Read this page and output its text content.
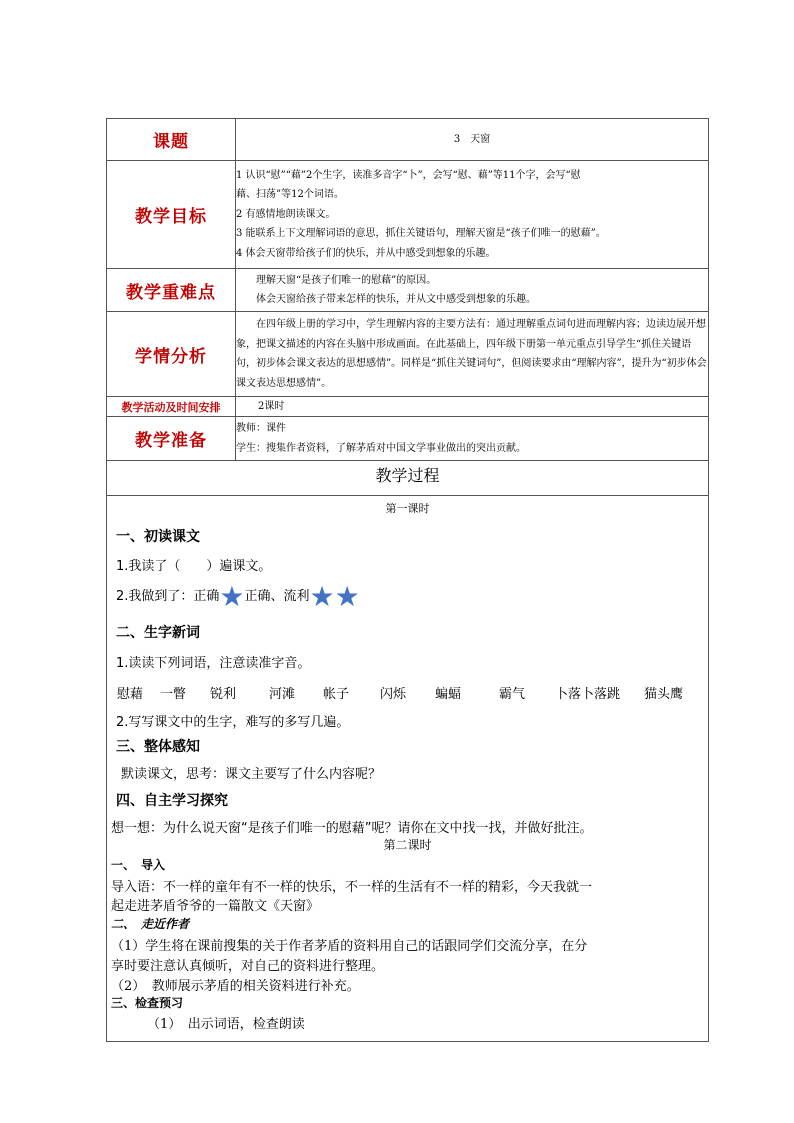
课题	3　天窗
教学目标	1 认识“慰”“藉”2个生字，读准多音字“卜”，会写“慰、藉”等11个字，会写“慰
藉、扫荡”等12个词语。
2 有感情地朗读课文。
3 能联系上下文理解词语的意思，抓住关键语句，理解天窗是“孩子们唯一的慰藉”。
4 体会天窗带给孩子们的快乐，并从中感受到想象的乐趣。

教学重难点	理解天窗“是孩子们唯一的慰藉”的原因。
体会天窗给孩子带来怎样的快乐，并从文中感受到想象的乐趣。

学情分析	在四年级上册的学习中，学生理解内容的主要方法有：通过理解重点词句进而理解内容；边读边展开想象，把课文描述的内容在头脑中形成画面。在此基础上，四年级下册第一单元重点引导学生“抓住关键语句，初步体会课文表达的思想感情”。同样是“抓住关键词句”，但阅读要求由“理解内容”，提升为“初步体会课文表达思想感情”。
教学活动及时间安排	2课时
教学准备	教师：课件
学生：搜集作者资料，了解茅盾对中国文学事业做出的突出贡献。
教学过程
第一课时
一、初读课文
1.我读了（　　）遍课文。
2.我做到了：正确★正确、流利★★
二、生字新词
1.读读下列词语，注意读准字音。
慰藉 一瞥 锐利	河滩 帐子 闪烁 蝙蝠	霸气 卜落卜落跳 猫头鹰
2.写写课文中的生字，难写的多写几遍。
三、整体感知
默读课文，思考：课文主要写了什么内容呢？
四、自主学习探究
想一想：为什么说天窗“是孩子们唯一的慰藉”呢？请你在文中找一找，并做好批注。
第二课时
一、　导入
导入语：不一样的童年有不一样的快乐，不一样的生活有不一样的精彩，今天我就一
起走进茅盾爷爷的一篇散文《天窗》
二、　走近作者
（1）学生将在课前搜集的关于作者茅盾的资料用自己的话跟同学们交流分享，在分
享时要注意认真倾听，对自己的资料进行整理。
（2）　教师展示茅盾的相关资料进行补充。
三、检查预习
（1）　出示词语，检查朗读
